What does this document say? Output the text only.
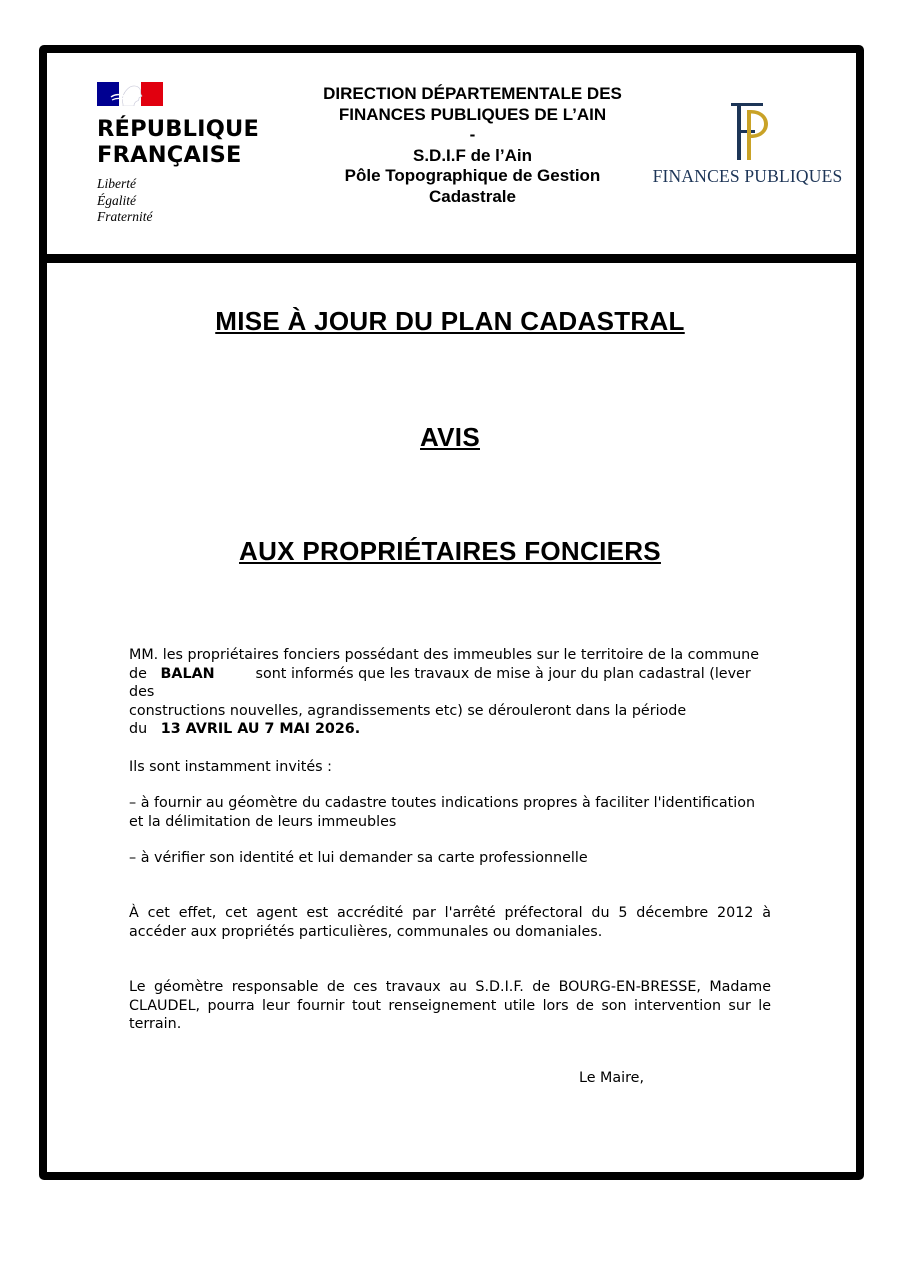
RÉPUBLIQUE
FRANÇAISE
Liberté
Égalité
Fraternité
DIRECTION DÉPARTEMENTALE DES
FINANCES PUBLIQUES DE L’AIN
-
S.D.I.F de l’Ain
Pôle Topographique de Gestion
Cadastrale
FINANCES PUBLIQUES
MISE À JOUR DU PLAN CADASTRAL
AVIS
AUX PROPRIÉTAIRES FONCIERS
MM. les propriétaires fonciers possédant des immeubles sur le territoire de la commune
de BALAN	sont informés que les travaux de mise à jour du plan cadastral (lever des
constructions nouvelles, agrandissements etc) se dérouleront dans la période
du 13 AVRIL AU 7 MAI 2026.
Ils sont instamment invités :
– à fournir au géomètre du cadastre toutes indications propres à faciliter l'identification
et la délimitation de leurs immeubles
– à vérifier son identité et lui demander sa carte professionnelle
À cet effet, cet agent est accrédité par l'arrêté préfectoral du 5 décembre 2012 à accéder aux propriétés particulières, communales ou domaniales.
Le géomètre responsable de ces travaux au S.D.I.F. de BOURG-EN-BRESSE, Madame CLAUDEL, pourra leur fournir tout renseignement utile lors de son intervention sur le terrain.
Le Maire,
